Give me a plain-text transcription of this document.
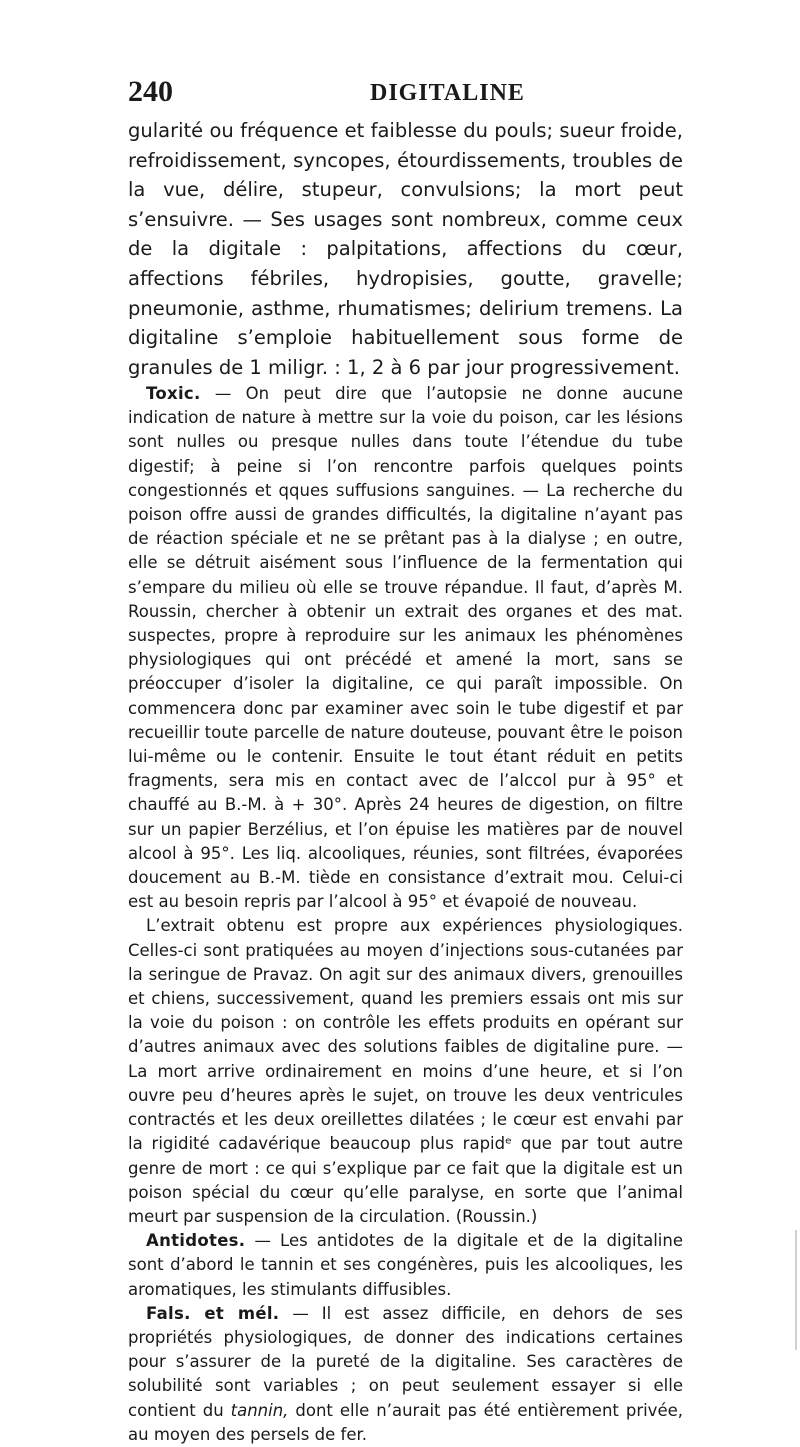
240	DIGITALINE

gularité ou fréquence et faiblesse du pouls; sueur froide, refroidissement, syncopes, étourdissements, troubles de la vue, délire, stupeur, convulsions; la mort peut s’ensuivre. — Ses usages sont nombreux, comme ceux de la digitale : palpitations, affections du cœur, affections fébriles, hydropisies, goutte, gravelle; pneumonie, asthme, rhumatismes; delirium tremens. La digitaline s’emploie habituellement sous forme de granules de 1 miligr. : 1, 2 à 6 par jour progressivement.

Toxic. — On peut dire que l’autopsie ne donne aucune indication de nature à mettre sur la voie du poison, car les lésions sont nulles ou presque nulles dans toute l’étendue du tube digestif; à peine si l’on rencontre parfois quelques points congestionnés et qques suffusions sanguines. — La recherche du poison offre aussi de grandes difficultés, la digitaline n’ayant pas de réaction spéciale et ne se prêtant pas à la dialyse ; en outre, elle se détruit aisément sous l’influence de la fermentation qui s’empare du milieu où elle se trouve répandue. Il faut, d’après M. Roussin, chercher à obtenir un extrait des organes et des mat. suspectes, propre à reproduire sur les animaux les phénomènes physiologiques qui ont précédé et amené la mort, sans se préoccuper d’isoler la digitaline, ce qui paraît impossible. On commencera donc par examiner avec soin le tube digestif et par recueillir toute parcelle de nature douteuse, pouvant être le poison lui-même ou le contenir. Ensuite le tout étant réduit en petits fragments, sera mis en contact avec de l’alccol pur à 95° et chauffé au B.-M. à + 30°. Après 24 heures de digestion, on filtre sur un papier Berzélius, et l’on épuise les matières par de nouvel alcool à 95°. Les liq. alcooliques, réunies, sont filtrées, évaporées doucement au B.-M. tiède en consistance d’extrait mou. Celui-ci est au besoin repris par l’alcool à 95° et évapoié de nouveau.

L’extrait obtenu est propre aux expériences physiologiques. Celles-ci sont pratiquées au moyen d’injections sous-cutanées par la seringue de Pravaz. On agit sur des animaux divers, grenouilles et chiens, successivement, quand les premiers essais ont mis sur la voie du poison : on contrôle les effets produits en opérant sur d’autres animaux avec des solutions faibles de digitaline pure. — La mort arrive ordinairement en moins d’une heure, et si l’on ouvre peu d’heures après le sujet, on trouve les deux ventricules contractés et les deux oreillettes dilatées ; le cœur est envahi par la rigidité cadavérique beaucoup plus rapidᵉ que par tout autre genre de mort : ce qui s’explique par ce fait que la digitale est un poison spécial du cœur qu’elle paralyse, en sorte que l’animal meurt par suspension de la circulation. (Roussin.)

Antidotes. — Les antidotes de la digitale et de la digitaline sont d’abord le tannin et ses congénères, puis les alcooliques, les aromatiques, les stimulants diffusibles.

Fals. et mél. — Il est assez difficile, en dehors de ses propriétés physiologiques, de donner des indications certaines pour s’assurer de la pureté de la digitaline. Ses caractères de solubilité sont variables ; on peut seulement essayer si elle contient du tannin, dont elle n’aurait pas été entièrement privée, au moyen des persels de fer.
